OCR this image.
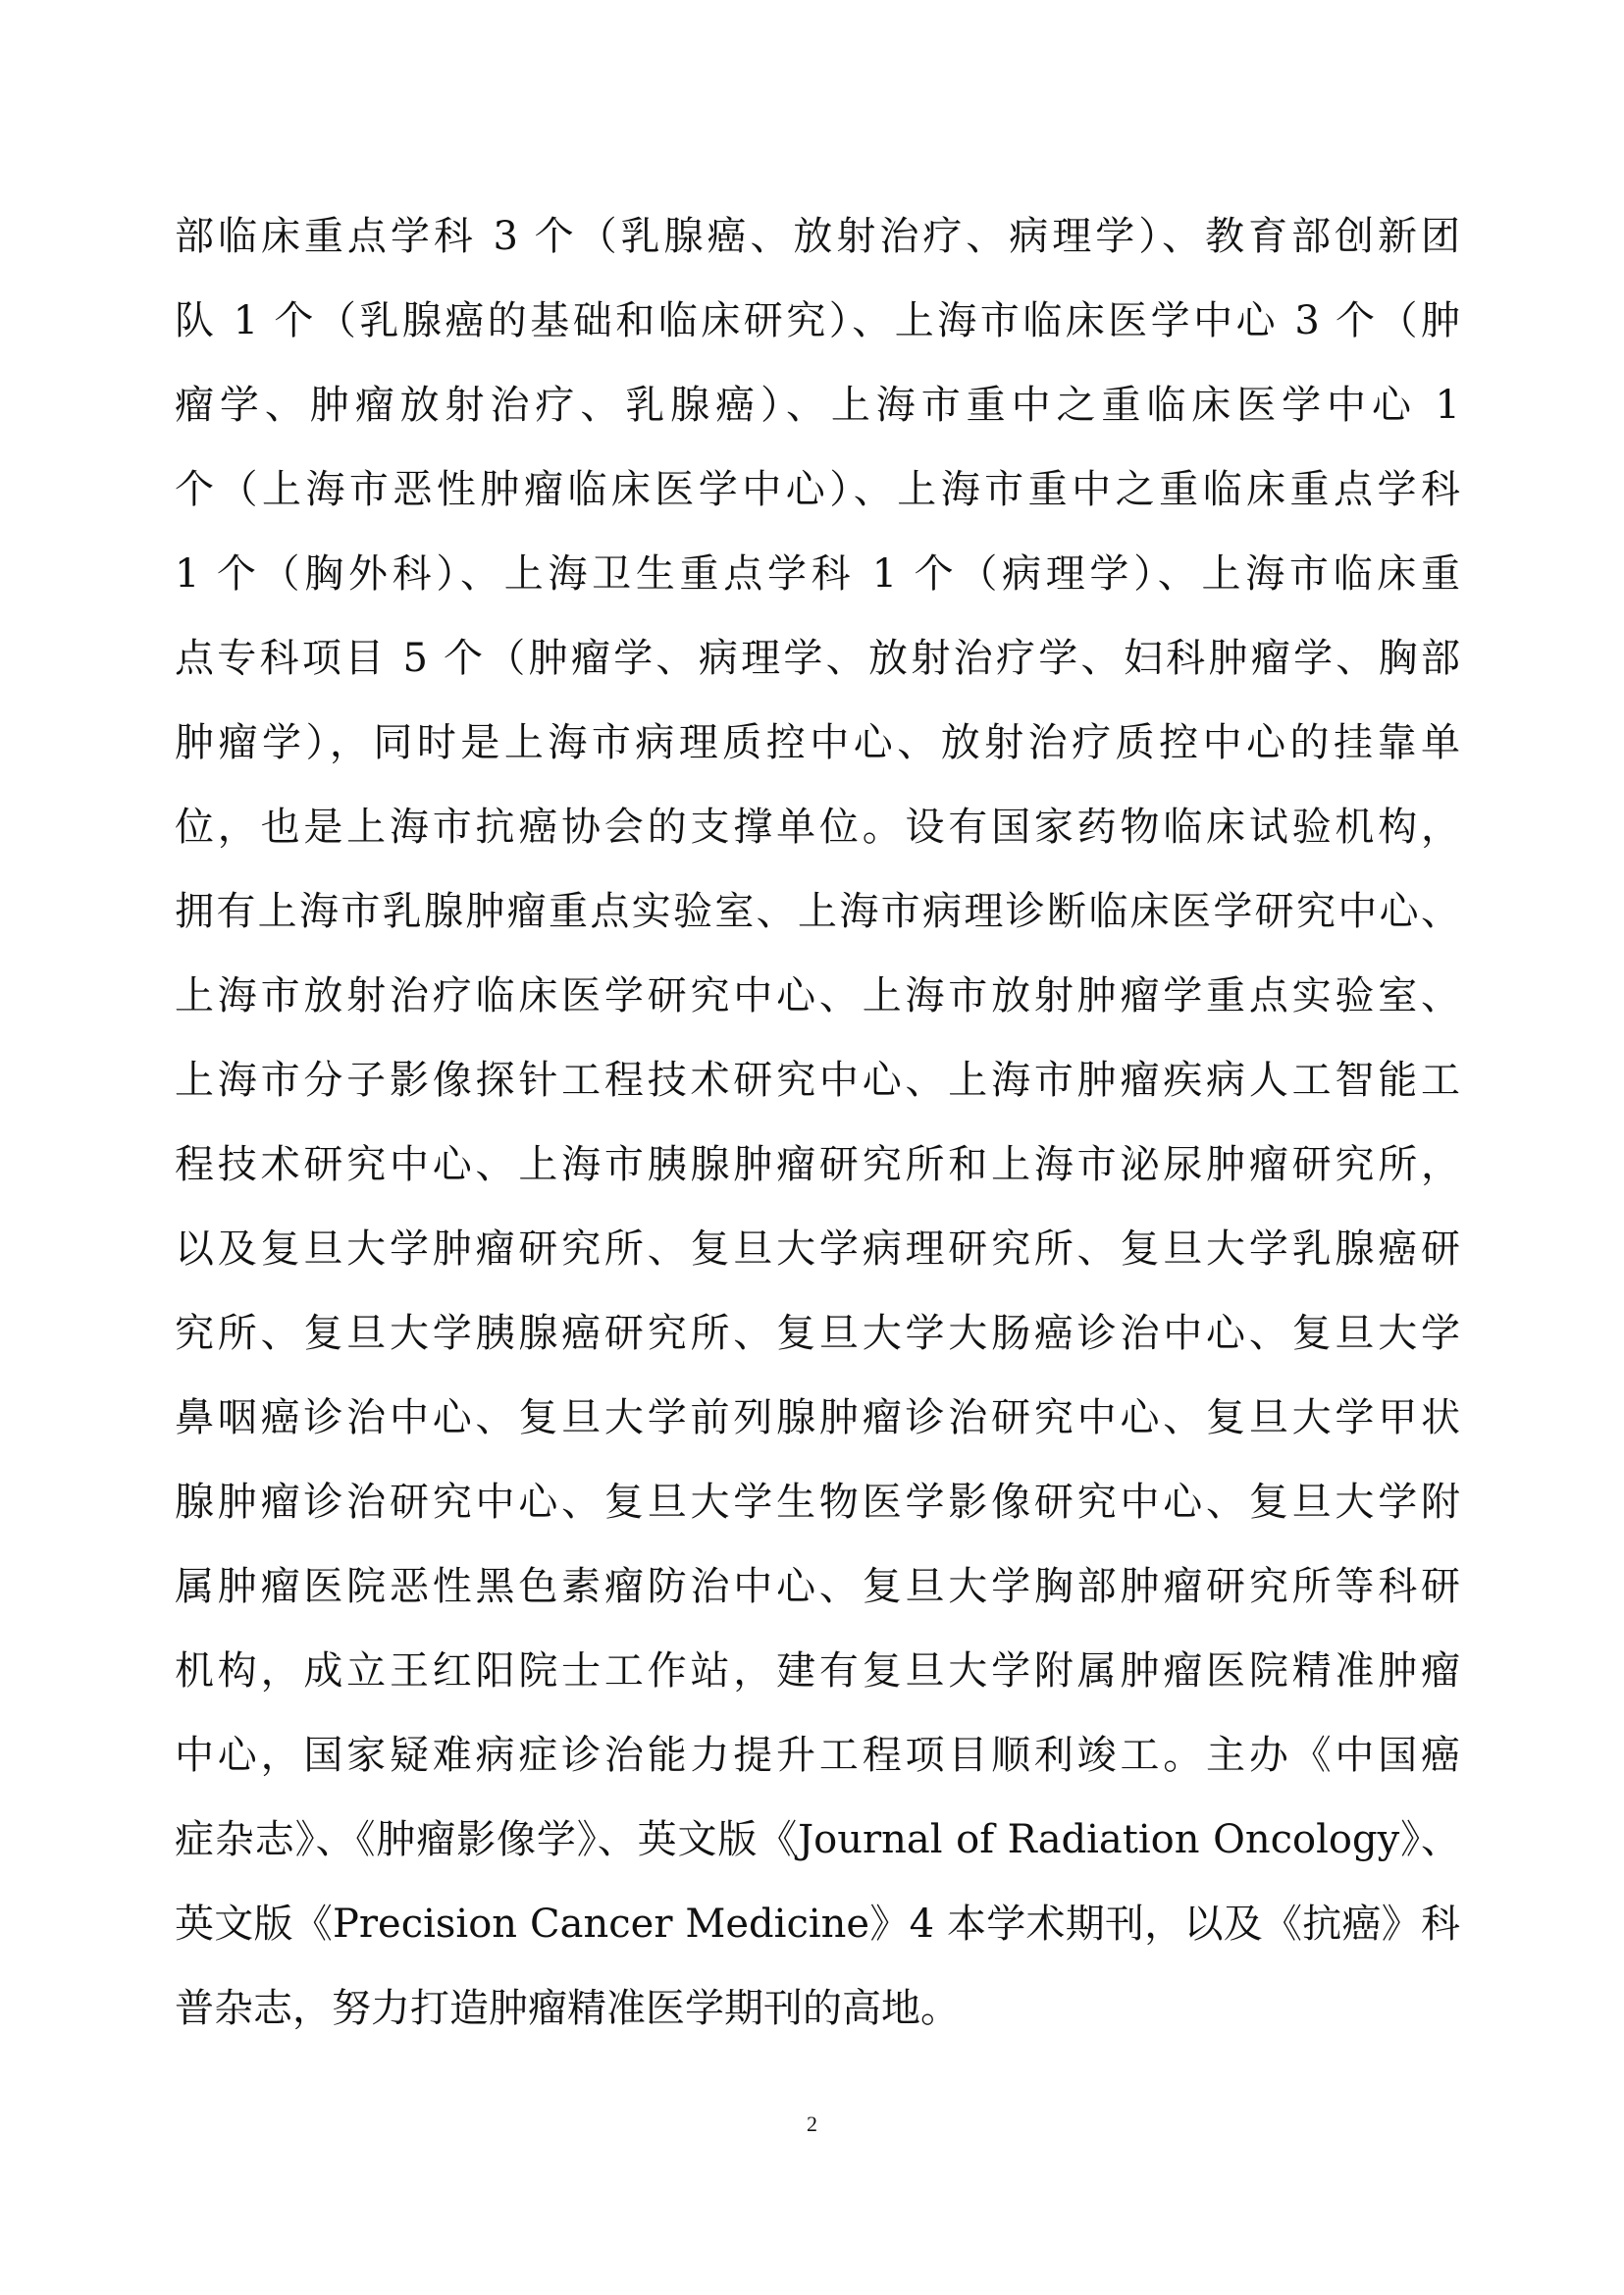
部临床重点学科 3 个（乳腺癌、放射治疗、病理学）、教育部创新团
队 1 个（乳腺癌的基础和临床研究）、上海市临床医学中心 3 个（肿
瘤学、肿瘤放射治疗、乳腺癌）、上海市重中之重临床医学中心 1
个（上海市恶性肿瘤临床医学中心）、上海市重中之重临床重点学科
1 个（胸外科）、上海卫生重点学科 1 个（病理学）、上海市临床重
点专科项目 5 个（肿瘤学、病理学、放射治疗学、妇科肿瘤学、胸部
肿瘤学），同时是上海市病理质控中心、放射治疗质控中心的挂靠单
位，也是上海市抗癌协会的支撑单位。设有国家药物临床试验机构，
拥有上海市乳腺肿瘤重点实验室、上海市病理诊断临床医学研究中心、
上海市放射治疗临床医学研究中心、上海市放射肿瘤学重点实验室、
上海市分子影像探针工程技术研究中心、上海市肿瘤疾病人工智能工
程技术研究中心、上海市胰腺肿瘤研究所和上海市泌尿肿瘤研究所，
以及复旦大学肿瘤研究所、复旦大学病理研究所、复旦大学乳腺癌研
究所、复旦大学胰腺癌研究所、复旦大学大肠癌诊治中心、复旦大学
鼻咽癌诊治中心、复旦大学前列腺肿瘤诊治研究中心、复旦大学甲状
腺肿瘤诊治研究中心、复旦大学生物医学影像研究中心、复旦大学附
属肿瘤医院恶性黑色素瘤防治中心、复旦大学胸部肿瘤研究所等科研
机构，成立王红阳院士工作站，建有复旦大学附属肿瘤医院精准肿瘤
中心，国家疑难病症诊治能力提升工程项目顺利竣工。主办《中国癌
症杂志》、《肿瘤影像学》、英文版《Journal of Radiation Oncology》、
英文版《Precision Cancer Medicine》4 本学术期刊，以及《抗癌》科
普杂志，努力打造肿瘤精准医学期刊的高地。
2
